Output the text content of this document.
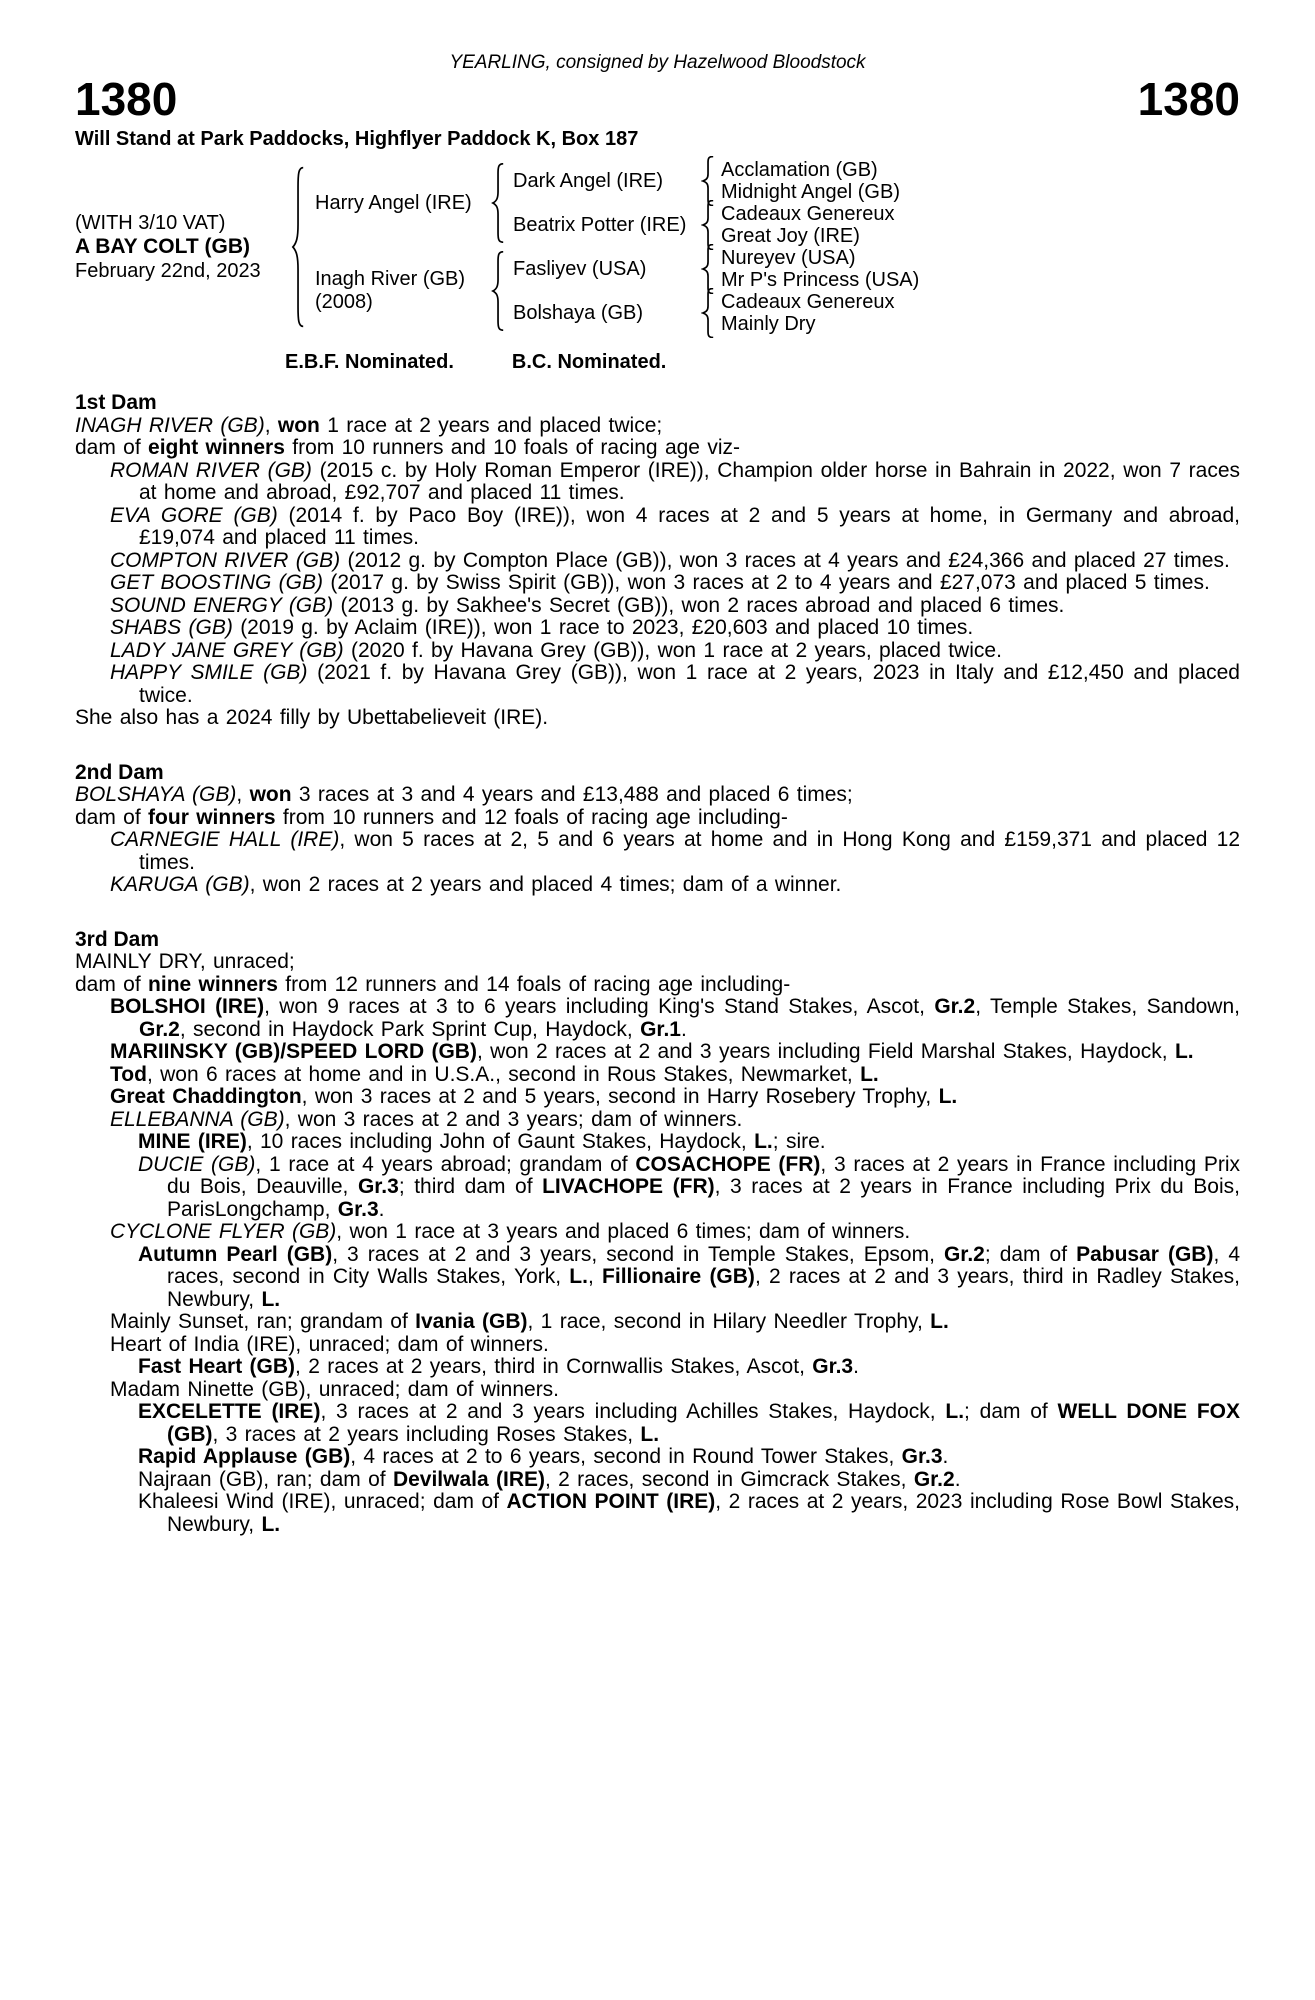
YEARLING, consigned by Hazelwood Bloodstock
1380	1380
Will Stand at Park Paddocks, Highflyer Paddock K, Box 187
(WITH 3/10 VAT)
A BAY COLT (GB)
February 22nd, 2023
Harry Angel (IRE)
Inagh River (GB)
(2008)
Dark Angel (IRE)
Beatrix Potter (IRE)
Fasliyev (USA)
Bolshaya (GB)
Acclamation (GB)
Midnight Angel (GB)
Cadeaux Genereux
Great Joy (IRE)
Nureyev (USA)
Mr P's Princess (USA)
Cadeaux Genereux
Mainly Dry
E.B.F. Nominated.	B.C. Nominated.
1st Dam
INAGH RIVER (GB), won 1 race at 2 years and placed twice;
dam of eight winners from 10 runners and 10 foals of racing age viz-
ROMAN RIVER (GB) (2015 c. by Holy Roman Emperor (IRE)), Champion older horse in Bahrain in 2022, won 7 races at home and abroad, £92,707 and placed 11 times.
EVA GORE (GB) (2014 f. by Paco Boy (IRE)), won 4 races at 2 and 5 years at home, in Germany and abroad, £19,074 and placed 11 times.
COMPTON RIVER (GB) (2012 g. by Compton Place (GB)), won 3 races at 4 years and £24,366 and placed 27 times.
GET BOOSTING (GB) (2017 g. by Swiss Spirit (GB)), won 3 races at 2 to 4 years and £27,073 and placed 5 times.
SOUND ENERGY (GB) (2013 g. by Sakhee's Secret (GB)), won 2 races abroad and placed 6 times.
SHABS (GB) (2019 g. by Aclaim (IRE)), won 1 race to 2023, £20,603 and placed 10 times.
LADY JANE GREY (GB) (2020 f. by Havana Grey (GB)), won 1 race at 2 years, placed twice.
HAPPY SMILE (GB) (2021 f. by Havana Grey (GB)), won 1 race at 2 years, 2023 in Italy and £12,450 and placed twice.
She also has a 2024 filly by Ubettabelieveit (IRE).
2nd Dam
BOLSHAYA (GB), won 3 races at 3 and 4 years and £13,488 and placed 6 times;
dam of four winners from 10 runners and 12 foals of racing age including-
CARNEGIE HALL (IRE), won 5 races at 2, 5 and 6 years at home and in Hong Kong and £159,371 and placed 12 times.
KARUGA (GB), won 2 races at 2 years and placed 4 times; dam of a winner.
3rd Dam
MAINLY DRY, unraced;
dam of nine winners from 12 runners and 14 foals of racing age including-
BOLSHOI (IRE), won 9 races at 3 to 6 years including King's Stand Stakes, Ascot, Gr.2, Temple Stakes, Sandown, Gr.2, second in Haydock Park Sprint Cup, Haydock, Gr.1.
MARIINSKY (GB)/SPEED LORD (GB), won 2 races at 2 and 3 years including Field Marshal Stakes, Haydock, L.
Tod, won 6 races at home and in U.S.A., second in Rous Stakes, Newmarket, L.
Great Chaddington, won 3 races at 2 and 5 years, second in Harry Rosebery Trophy, L.
ELLEBANNA (GB), won 3 races at 2 and 3 years; dam of winners.
MINE (IRE), 10 races including John of Gaunt Stakes, Haydock, L.; sire.
DUCIE (GB), 1 race at 4 years abroad; grandam of COSACHOPE (FR), 3 races at 2 years in France including Prix du Bois, Deauville, Gr.3; third dam of LIVACHOPE (FR), 3 races at 2 years in France including Prix du Bois, ParisLongchamp, Gr.3.
CYCLONE FLYER (GB), won 1 race at 3 years and placed 6 times; dam of winners.
Autumn Pearl (GB), 3 races at 2 and 3 years, second in Temple Stakes, Epsom, Gr.2; dam of Pabusar (GB), 4 races, second in City Walls Stakes, York, L., Fillionaire (GB), 2 races at 2 and 3 years, third in Radley Stakes, Newbury, L.
Mainly Sunset, ran; grandam of Ivania (GB), 1 race, second in Hilary Needler Trophy, L.
Heart of India (IRE), unraced; dam of winners.
Fast Heart (GB), 2 races at 2 years, third in Cornwallis Stakes, Ascot, Gr.3.
Madam Ninette (GB), unraced; dam of winners.
EXCELETTE (IRE), 3 races at 2 and 3 years including Achilles Stakes, Haydock, L.; dam of WELL DONE FOX (GB), 3 races at 2 years including Roses Stakes, L.
Rapid Applause (GB), 4 races at 2 to 6 years, second in Round Tower Stakes, Gr.3.
Najraan (GB), ran; dam of Devilwala (IRE), 2 races, second in Gimcrack Stakes, Gr.2.
Khaleesi Wind (IRE), unraced; dam of ACTION POINT (IRE), 2 races at 2 years, 2023 including Rose Bowl Stakes, Newbury, L.
